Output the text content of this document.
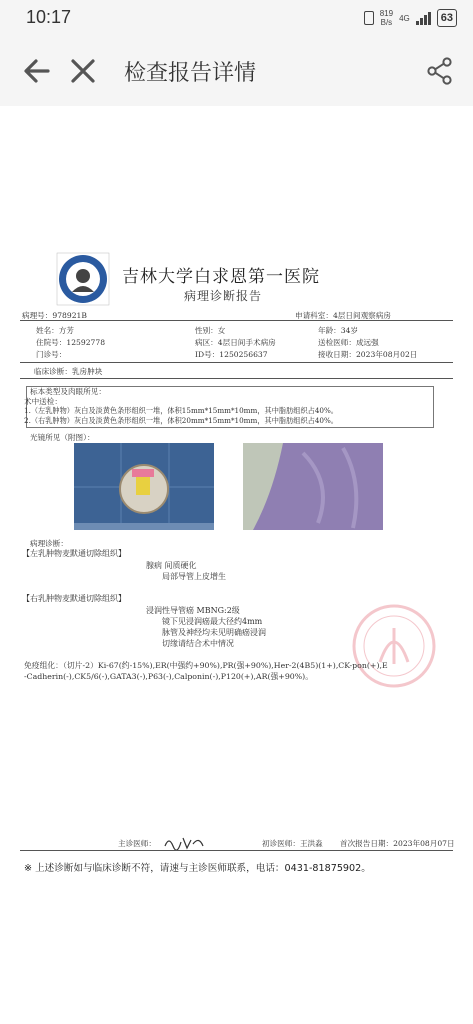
10:17	819
B/s 4G	63
检查报告详情
吉林大学白求恩第一医院
病理诊断报告
病理号：978921B	申请科室：4层日间观察病房
姓名：方芳	性别：女	年龄：34岁
住院号：12592778	病区：4层日间手术病房	送检医师：成远强
门诊号：	ID号：1250256637	接收日期：2023年08月02日
临床诊断：乳房肿块
标本类型及肉眼所见：
术中送检：
1.（左乳肿物）灰白及淡黄色条形组织一堆，体积15mm*15mm*10mm，其中脂肪组织占40%。
2.（右乳肿物）灰白及淡黄色条形组织一堆，体积20mm*15mm*10mm，其中脂肪组织占40%。
光镜所见（附图）：
病理诊断：
【左乳肿物麦默通切除组织】
腺病 间质硬化
局部导管上皮增生
【右乳肿物麦默通切除组织】
浸润性导管癌 MBNG:2级
镜下见浸润癌最大径约4mm
脉管及神经均未见明确癌浸润
切缘请结合术中情况
免疫组化：（切片-2）Ki-67(约-15%),ER(中强约+90%),PR(强+90%),Her-2(4B5)(1+),CK-pon(+),E
-Cadherin(-),CK5/6(-),GATA3(-),P63(-),Calponin(-),P120(+),AR(强+90%)。
主诊医师：	初诊医师：王洪淼 首次报告日期：2023年08月07日
※ 上述诊断如与临床诊断不符，请速与主诊医师联系，电话：0431-81875902。
